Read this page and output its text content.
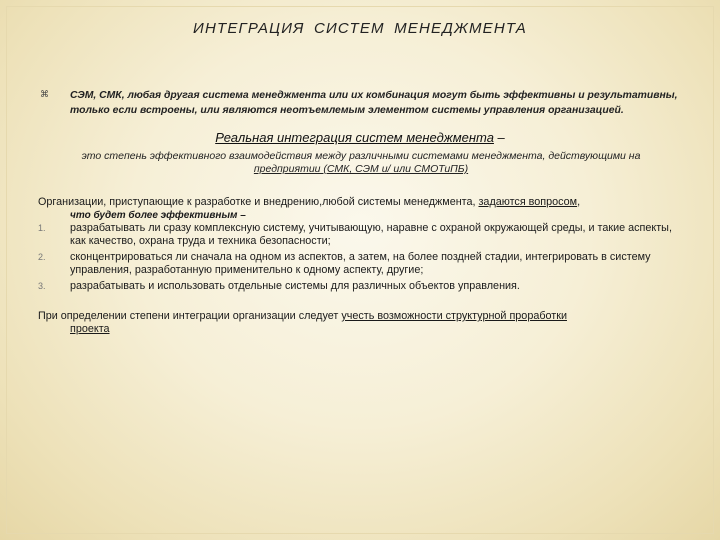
ИНТЕГРАЦИЯ СИСТЕМ МЕНЕДЖМЕНТА
⌘ СЭМ, СМК, любая другая система менеджмента или их комбинация могут быть эффективны и результативны, только если встроены, или являются неотъемлемым элементом системы управления организацией.
Реальная интеграция систем менеджмента –
это степень эффективного взаимодействия между различными системами менеджмента, действующими на предприятии (СМК, СЭМ и/ или СМОТиПБ)
Организации, приступающие к разработке и внедрению,любой системы менеджмента, задаются вопросом,
что будет более эффективным –
1. разрабатывать ли сразу комплексную систему, учитывающую, наравне с охраной окружающей среды, и такие аспекты, как качество, охрана труда и техника безопасности;
2. сконцентрироваться ли сначала на одном из аспектов, а затем, на более поздней стадии, интегрировать в систему управления, разработанную применительно к одному аспекту, другие;
3. разрабатывать и использовать отдельные системы для различных объектов управления.
При определении степени интеграции организации следует учесть возможности структурной проработки
проекта
